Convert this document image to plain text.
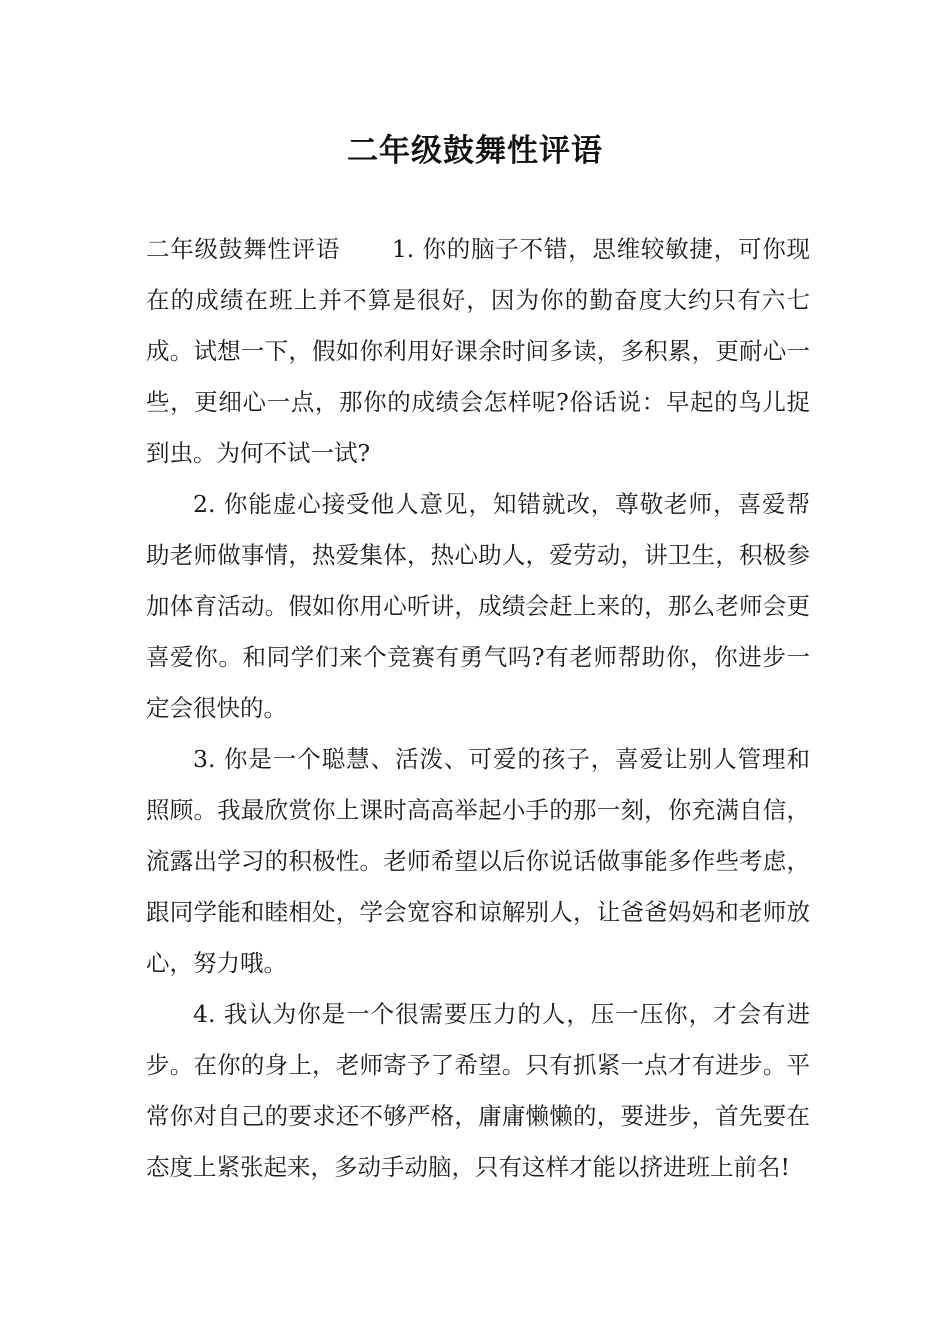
二年级鼓舞性评语

二年级鼓舞性评语 1. 你的脑子不错，思维较敏捷，可你现在的成绩在班上并不算是很好，因为你的勤奋度大约只有六七成。试想一下，假如你利用好课余时间多读，多积累，更耐心一些，更细心一点，那你的成绩会怎样呢?俗话说：早起的鸟儿捉到虫。为何不试一试?

2. 你能虚心接受他人意见，知错就改，尊敬老师，喜爱帮助老师做事情，热爱集体，热心助人，爱劳动，讲卫生，积极参加体育活动。假如你用心听讲，成绩会赶上来的，那么老师会更喜爱你。和同学们来个竞赛有勇气吗?有老师帮助你，你进步一定会很快的。

3. 你是一个聪慧、活泼、可爱的孩子，喜爱让别人管理和照顾。我最欣赏你上课时高高举起小手的那一刻，你充满自信，流露出学习的积极性。老师希望以后你说话做事能多作些考虑，跟同学能和睦相处，学会宽容和谅解别人，让爸爸妈妈和老师放心，努力哦。

4. 我认为你是一个很需要压力的人，压一压你，才会有进步。在你的身上，老师寄予了希望。只有抓紧一点才有进步。平常你对自己的要求还不够严格，庸庸懒懒的，要进步，首先要在态度上紧张起来，多动手动脑，只有这样才能以挤进班上前名!
